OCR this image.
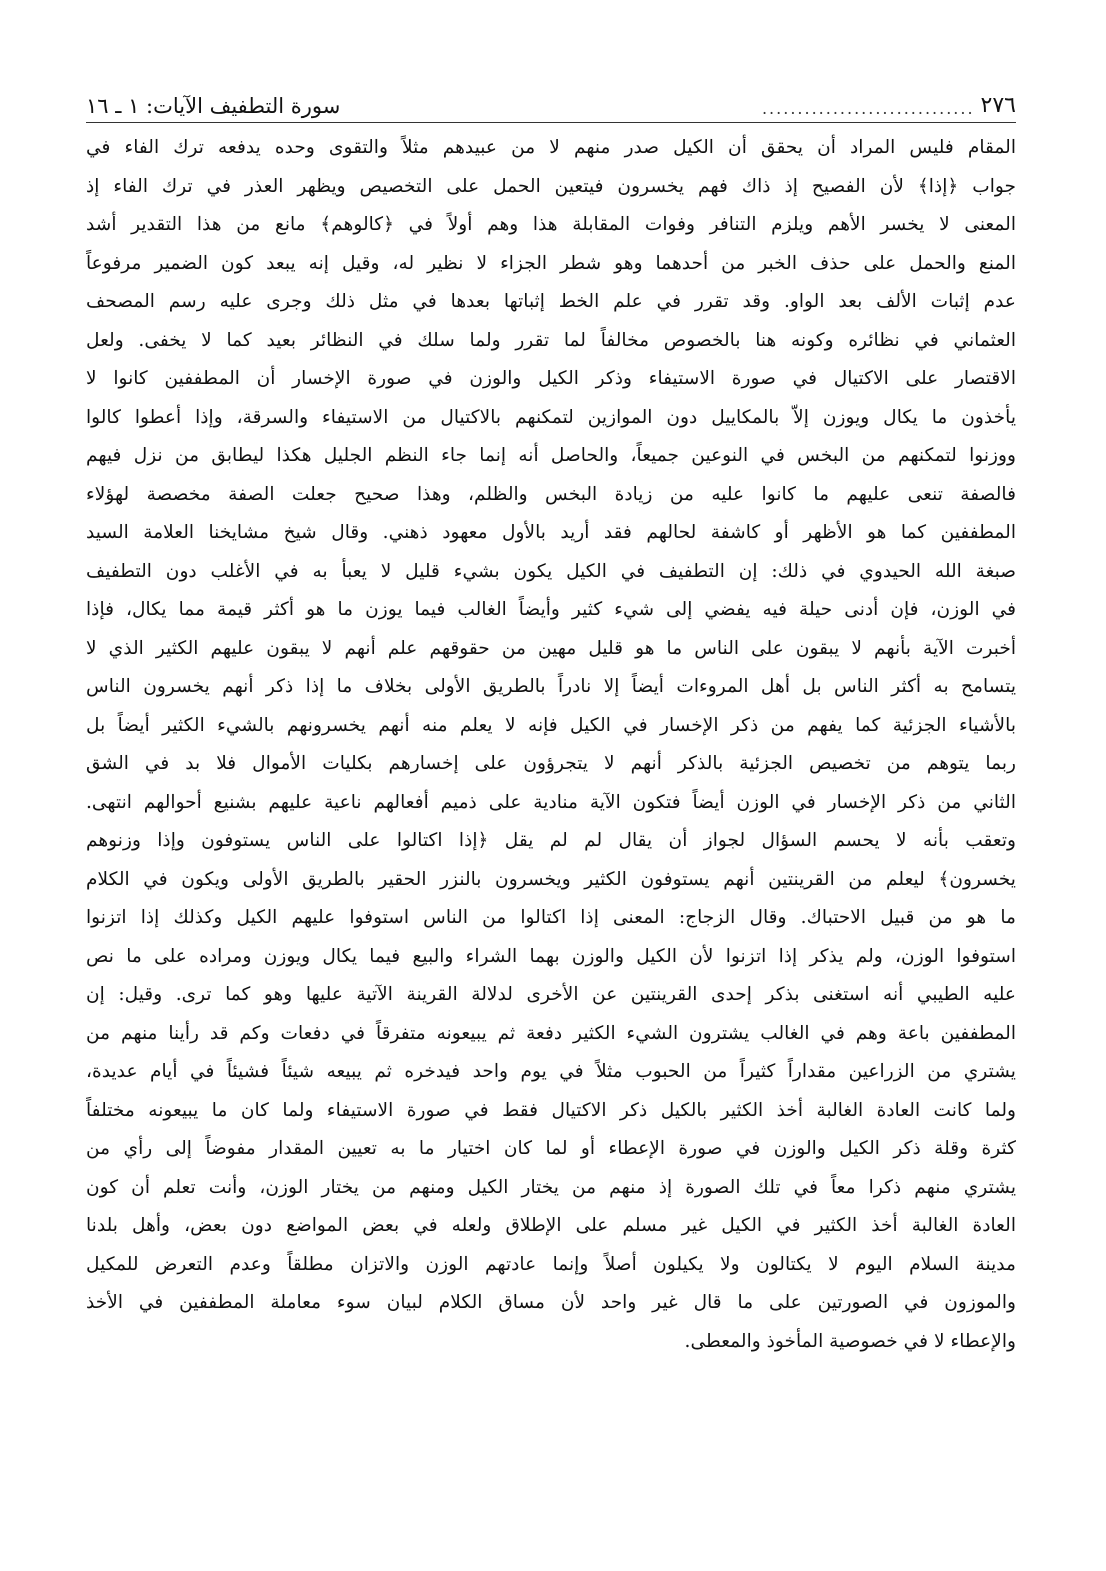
٢٧٦
..............................
سورة التطفيف الآيات: ١ ـ ١٦
المقام فليس المراد أن يحقق أن الكيل صدر منهم لا من عبيدهم مثلاً والتقوى وحده يدفعه ترك الفاء في
جواب ﴿إذا﴾ لأن الفصيح إذ ذاك فهم يخسرون فيتعين الحمل على التخصيص ويظهر العذر في ترك الفاء إذ
المعنى لا يخسر الأهم ويلزم التنافر وفوات المقابلة هذا وهم أولاً في ﴿كالوهم﴾ مانع من هذا التقدير أشد
المنع والحمل على حذف الخبر من أحدهما وهو شطر الجزاء لا نظير له، وقيل إنه يبعد كون الضمير مرفوعاً
عدم إثبات الألف بعد الواو. وقد تقرر في علم الخط إثباتها بعدها في مثل ذلك وجرى عليه رسم المصحف
العثماني في نظائره وكونه هنا بالخصوص مخالفاً لما تقرر ولما سلك في النظائر بعيد كما لا يخفى. ولعل
الاقتصار على الاكتيال في صورة الاستيفاء وذكر الكيل والوزن في صورة الإخسار أن المطففين كانوا لا
يأخذون ما يكال ويوزن إلاّ بالمكاييل دون الموازين لتمكنهم بالاكتيال من الاستيفاء والسرقة، وإذا أعطوا كالوا
ووزنوا لتمكنهم من البخس في النوعين جميعاً، والحاصل أنه إنما جاء النظم الجليل هكذا ليطابق من نزل فيهم
فالصفة تنعى عليهم ما كانوا عليه من زيادة البخس والظلم، وهذا صحيح جعلت الصفة مخصصة لهؤلاء
المطففين كما هو الأظهر أو كاشفة لحالهم فقد أريد بالأول معهود ذهني. وقال شيخ مشايخنا العلامة السيد
صبغة الله الحيدوي في ذلك: إن التطفيف في الكيل يكون بشيء قليل لا يعبأ به في الأغلب دون التطفيف
في الوزن، فإن أدنى حيلة فيه يفضي إلى شيء كثير وأيضاً الغالب فيما يوزن ما هو أكثر قيمة مما يكال، فإذا
أخبرت الآية بأنهم لا يبقون على الناس ما هو قليل مهين من حقوقهم علم أنهم لا يبقون عليهم الكثير الذي لا
يتسامح به أكثر الناس بل أهل المروءات أيضاً إلا نادراً بالطريق الأولى بخلاف ما إذا ذكر أنهم يخسرون الناس
بالأشياء الجزئية كما يفهم من ذكر الإخسار في الكيل فإنه لا يعلم منه أنهم يخسرونهم بالشيء الكثير أيضاً بل
ربما يتوهم من تخصيص الجزئية بالذكر أنهم لا يتجرؤون على إخسارهم بكليات الأموال فلا بد في الشق
الثاني من ذكر الإخسار في الوزن أيضاً فتكون الآية منادية على ذميم أفعالهم ناعية عليهم بشنيع أحوالهم انتهى.
وتعقب بأنه لا يحسم السؤال لجواز أن يقال لم لم يقل ﴿إذا اكتالوا على الناس يستوفون وإذا وزنوهم
يخسرون﴾ ليعلم من القرينتين أنهم يستوفون الكثير ويخسرون بالنزر الحقير بالطريق الأولى ويكون في الكلام
ما هو من قبيل الاحتباك. وقال الزجاج: المعنى إذا اكتالوا من الناس استوفوا عليهم الكيل وكذلك إذا اتزنوا
استوفوا الوزن، ولم يذكر إذا اتزنوا لأن الكيل والوزن بهما الشراء والبيع فيما يكال ويوزن ومراده على ما نص
عليه الطيبي أنه استغنى بذكر إحدى القرينتين عن الأخرى لدلالة القرينة الآتية عليها وهو كما ترى. وقيل: إن
المطففين باعة وهم في الغالب يشترون الشيء الكثير دفعة ثم يبيعونه متفرقاً في دفعات وكم قد رأينا منهم من
يشتري من الزراعين مقداراً كثيراً من الحبوب مثلاً في يوم واحد فيدخره ثم يبيعه شيئاً فشيئاً في أيام عديدة،
ولما كانت العادة الغالبة أخذ الكثير بالكيل ذكر الاكتيال فقط في صورة الاستيفاء ولما كان ما يبيعونه مختلفاً
كثرة وقلة ذكر الكيل والوزن في صورة الإعطاء أو لما كان اختيار ما به تعيين المقدار مفوضاً إلى رأي من
يشتري منهم ذكرا معاً في تلك الصورة إذ منهم من يختار الكيل ومنهم من يختار الوزن، وأنت تعلم أن كون
العادة الغالبة أخذ الكثير في الكيل غير مسلم على الإطلاق ولعله في بعض المواضع دون بعض، وأهل بلدنا
مدينة السلام اليوم لا يكتالون ولا يكيلون أصلاً وإنما عادتهم الوزن والاتزان مطلقاً وعدم التعرض للمكيل
والموزون في الصورتين على ما قال غير واحد لأن مساق الكلام لبيان سوء معاملة المطففين في الأخذ
والإعطاء لا في خصوصية المأخوذ والمعطى.
